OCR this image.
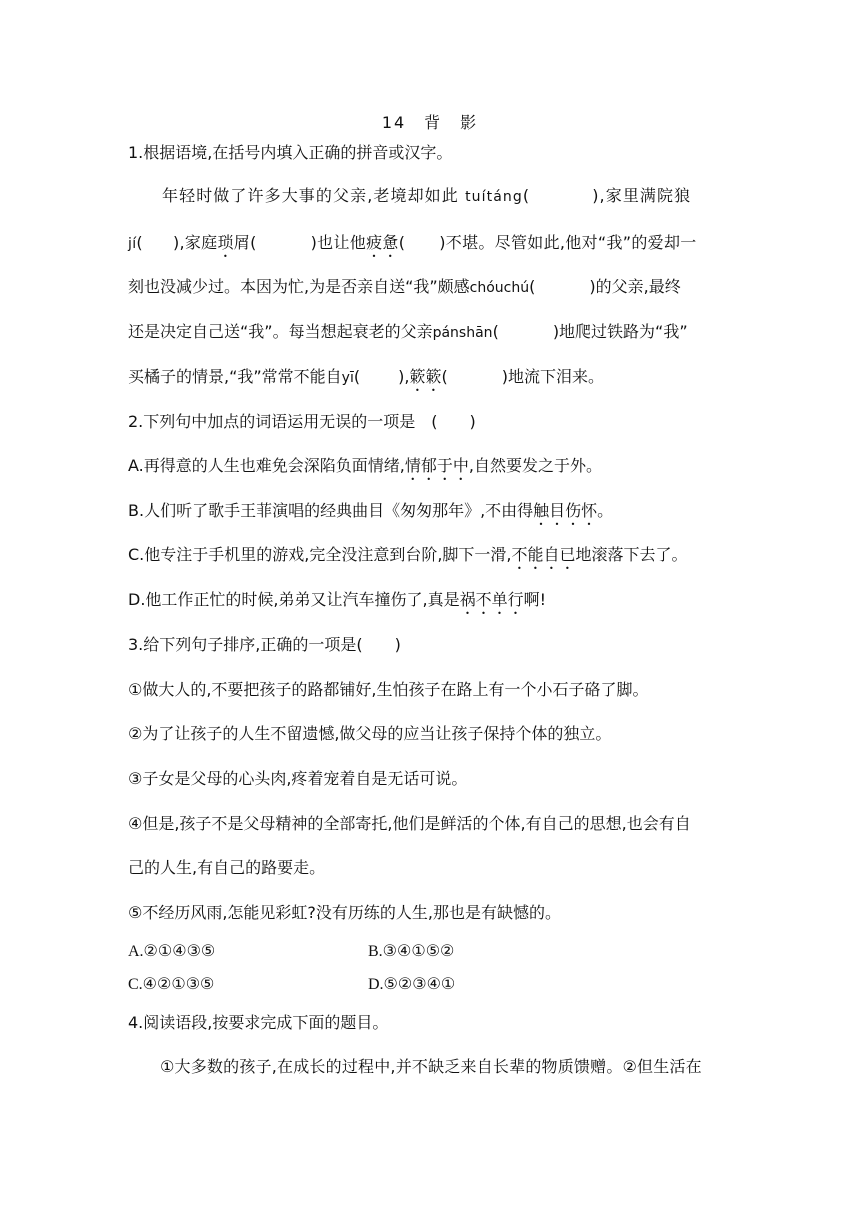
14　背　影
1.根据语境,在括号内填入正确的拼音或汉字。
年轻时做了许多大事的父亲,老境却如此 tuítáng(	),家里满院狼
jí( ),家庭琐屑(	)也让他疲惫( )不堪。尽管如此,他对“我”的爱却一
刻也没减少过。本因为忙,为是否亲自送“我”颇感chóuchú(	)的父亲,最终
还是决定自己送“我”。每当想起衰老的父亲pánshān(	)地爬过铁路为“我”
买橘子的情景,“我”常常不能自yī( ),簌簌(	)地流下泪来。
2.下列句中加点的词语运用无误的一项是　(　　)
A.再得意的人生也难免会深陷负面情绪,情郁于中,自然要发之于外。
B.人们听了歌手王菲演唱的经典曲目《匆匆那年》,不由得触目伤怀。
C.他专注于手机里的游戏,完全没注意到台阶,脚下一滑,不能自已地滚落下去了。
D.他工作正忙的时候,弟弟又让汽车撞伤了,真是祸不单行啊!
3.给下列句子排序,正确的一项是(　　)
①做大人的,不要把孩子的路都铺好,生怕孩子在路上有一个小石子硌了脚。
②为了让孩子的人生不留遗憾,做父母的应当让孩子保持个体的独立。
③子女是父母的心头肉,疼着宠着自是无话可说。
④但是,孩子不是父母精神的全部寄托,他们是鲜活的个体,有自己的思想,也会有自
己的人生,有自己的路要走。
⑤不经历风雨,怎能见彩虹?没有历练的人生,那也是有缺憾的。
A.②①④③⑤	B.③④①⑤②
C.④②①③⑤	D.⑤②③④①
4.阅读语段,按要求完成下面的题目。
①大多数的孩子,在成长的过程中,并不缺乏来自长辈的物质馈赠。②但生活在
